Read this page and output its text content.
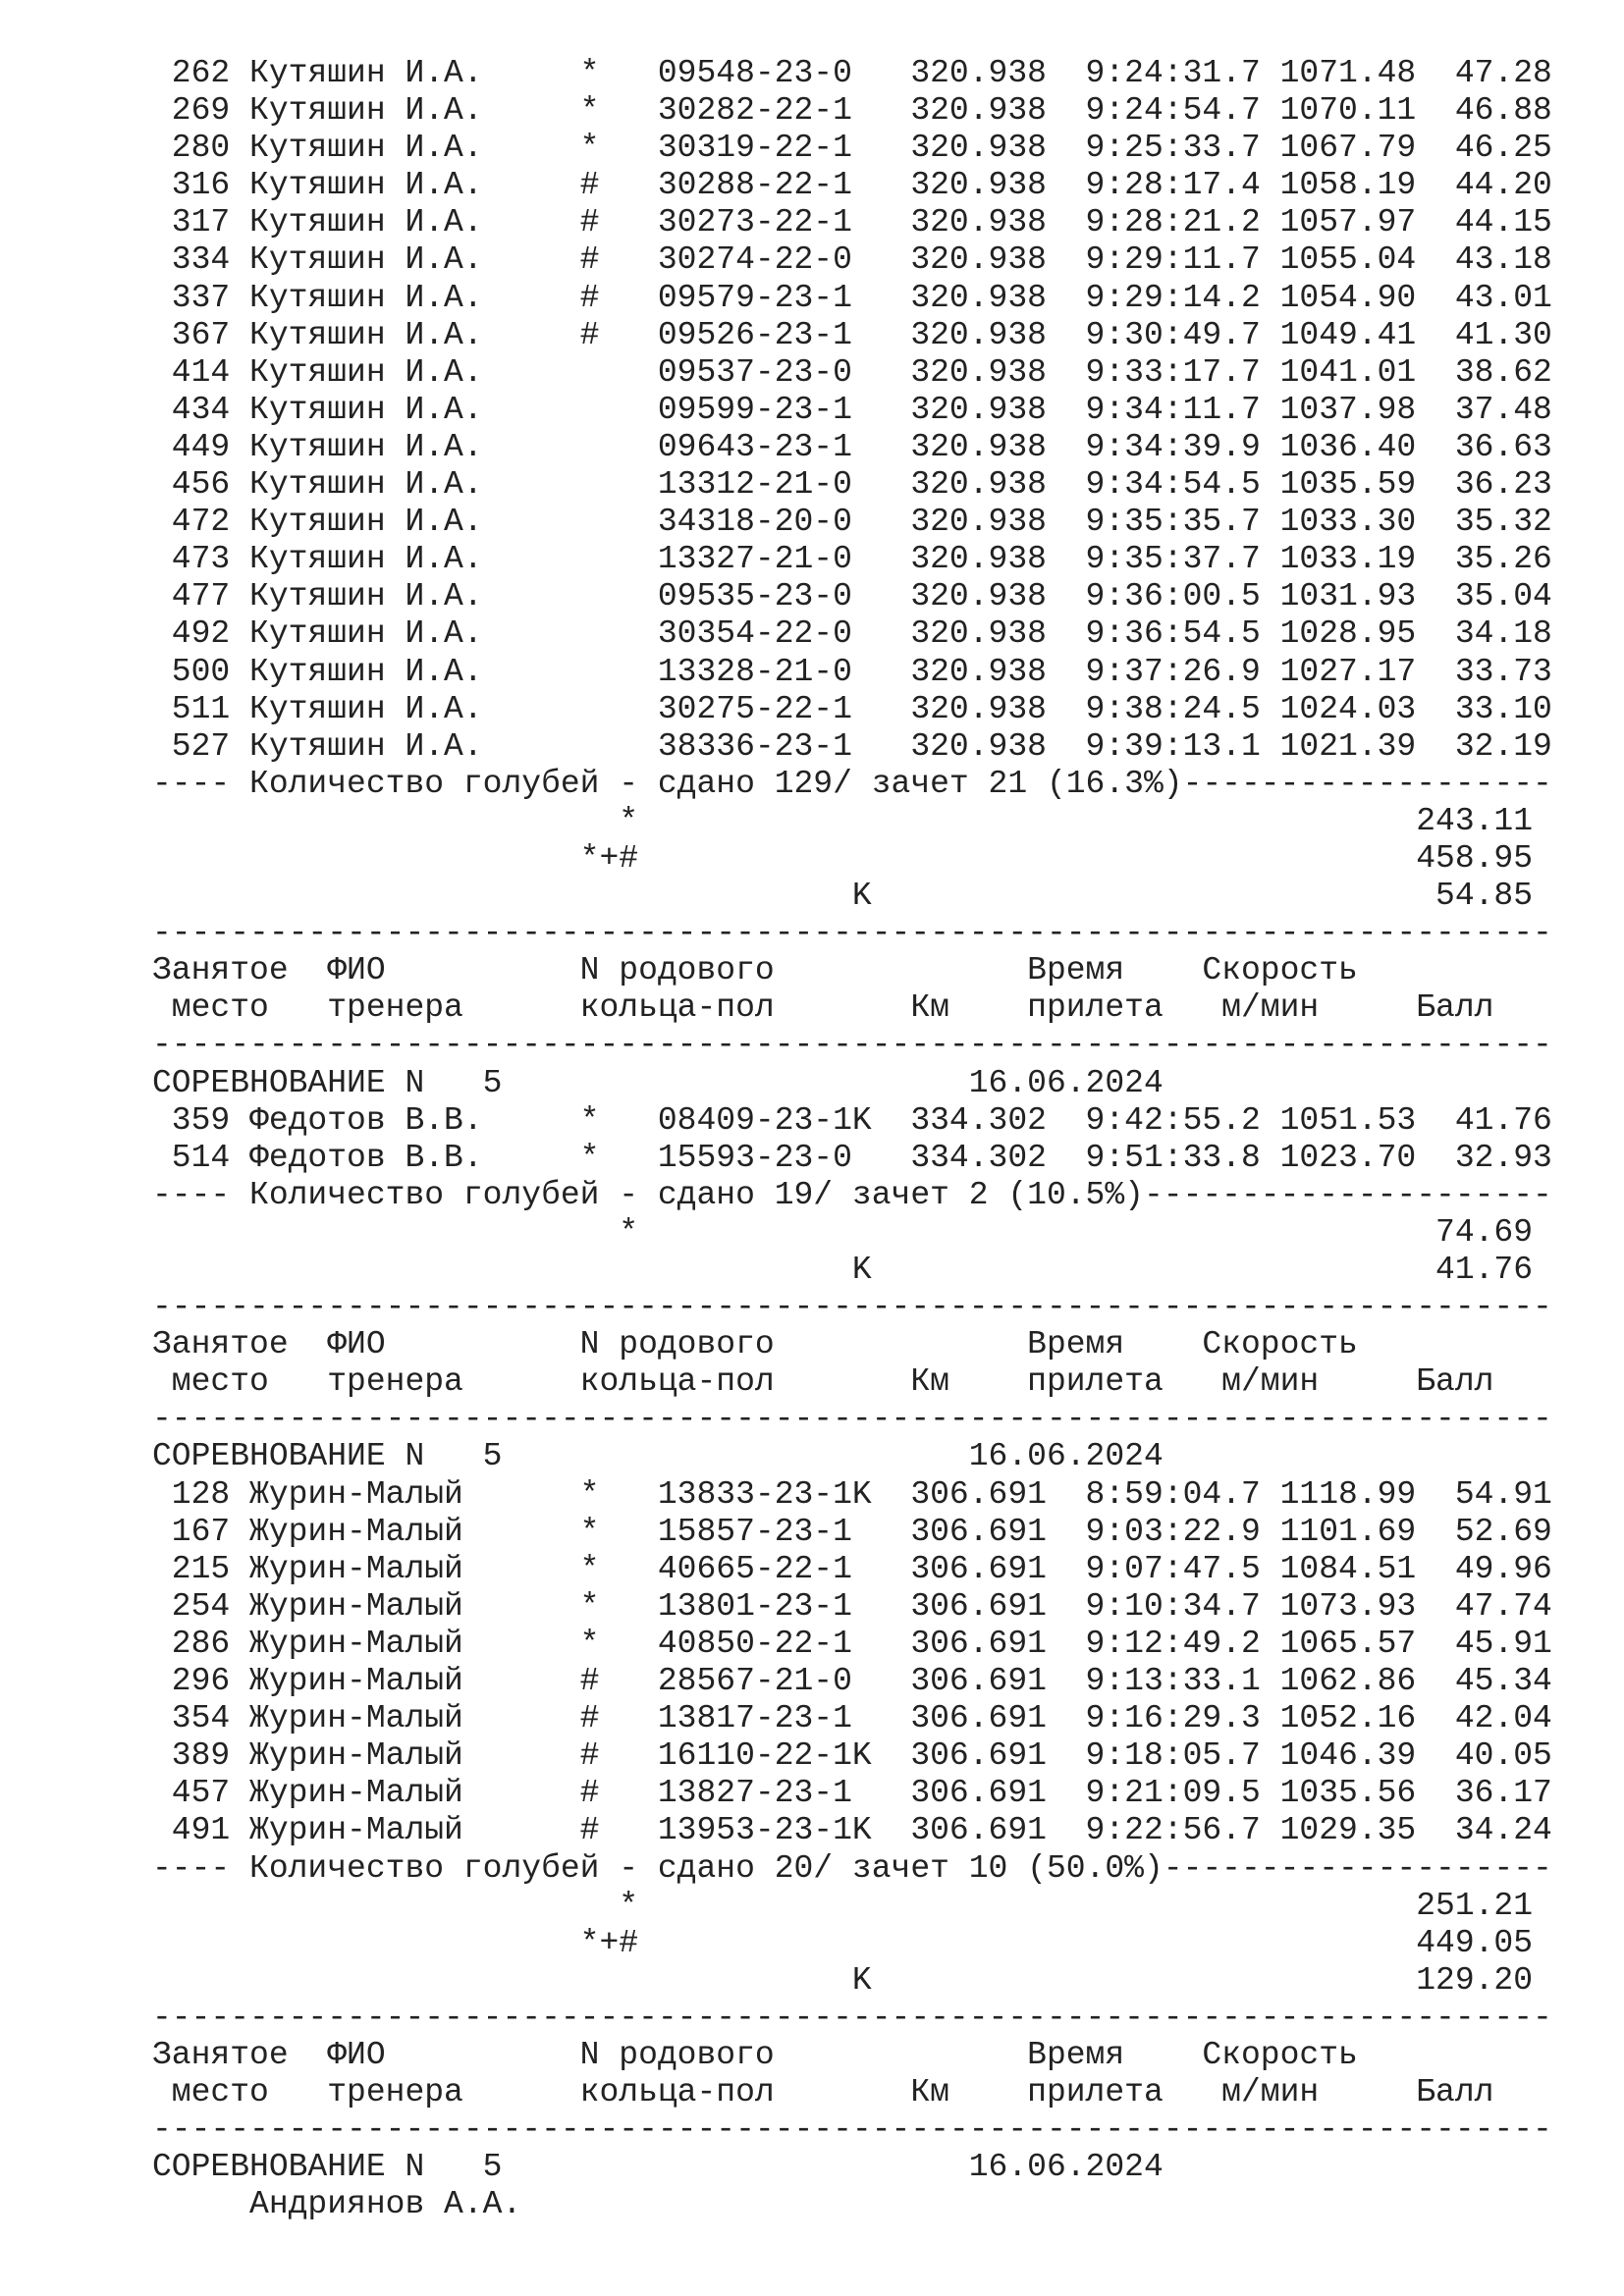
262 Кутяшин И.А.     *   09548-23-0   320.938  9:24:31.7 1071.48  47.28
269 Кутяшин И.А.     *   30282-22-1   320.938  9:24:54.7 1070.11  46.88
280 Кутяшин И.А.     *   30319-22-1   320.938  9:25:33.7 1067.79  46.25
316 Кутяшин И.А.     #   30288-22-1   320.938  9:28:17.4 1058.19  44.20
317 Кутяшин И.А.     #   30273-22-1   320.938  9:28:21.2 1057.97  44.15
334 Кутяшин И.А.     #   30274-22-0   320.938  9:29:11.7 1055.04  43.18
337 Кутяшин И.А.     #   09579-23-1   320.938  9:29:14.2 1054.90  43.01
367 Кутяшин И.А.     #   09526-23-1   320.938  9:30:49.7 1049.41  41.30
414 Кутяшин И.А.         09537-23-0   320.938  9:33:17.7 1041.01  38.62
434 Кутяшин И.А.         09599-23-1   320.938  9:34:11.7 1037.98  37.48
449 Кутяшин И.А.         09643-23-1   320.938  9:34:39.9 1036.40  36.63
456 Кутяшин И.А.         13312-21-0   320.938  9:34:54.5 1035.59  36.23
472 Кутяшин И.А.         34318-20-0   320.938  9:35:35.7 1033.30  35.32
473 Кутяшин И.А.         13327-21-0   320.938  9:35:37.7 1033.19  35.26
477 Кутяшин И.А.         09535-23-0   320.938  9:36:00.5 1031.93  35.04
492 Кутяшин И.А.         30354-22-0   320.938  9:36:54.5 1028.95  34.18
500 Кутяшин И.А.         13328-21-0   320.938  9:37:26.9 1027.17  33.73
511 Кутяшин И.А.         30275-22-1   320.938  9:38:24.5 1024.03  33.10
527 Кутяшин И.А.         38336-23-1   320.938  9:39:13.1 1021.39  32.19
---- Количество голубей - сдано 129/ зачет 21 (16.3%)-------------------
*                                        243.11
*+#                                        458.95
K                             54.85
------------------------------------------------------------------------
Занятое  ФИО          N родового             Время    Скорость
место   тренера      кольца-пол       Км    прилета   м/мин     Балл
------------------------------------------------------------------------
СОРЕВНОВАНИЕ N   5                        16.06.2024
359 Федотов В.В.     *   08409-23-1K  334.302  9:42:55.2 1051.53  41.76
514 Федотов В.В.     *   15593-23-0   334.302  9:51:33.8 1023.70  32.93
---- Количество голубей - сдано 19/ зачет 2 (10.5%)---------------------
*                                         74.69
K                             41.76
------------------------------------------------------------------------
Занятое  ФИО          N родового             Время    Скорость
место   тренера      кольца-пол       Км    прилета   м/мин     Балл
------------------------------------------------------------------------
СОРЕВНОВАНИЕ N   5                        16.06.2024
128 Журин-Малый      *   13833-23-1K  306.691  8:59:04.7 1118.99  54.91
167 Журин-Малый      *   15857-23-1   306.691  9:03:22.9 1101.69  52.69
215 Журин-Малый      *   40665-22-1   306.691  9:07:47.5 1084.51  49.96
254 Журин-Малый      *   13801-23-1   306.691  9:10:34.7 1073.93  47.74
286 Журин-Малый      *   40850-22-1   306.691  9:12:49.2 1065.57  45.91
296 Журин-Малый      #   28567-21-0   306.691  9:13:33.1 1062.86  45.34
354 Журин-Малый      #   13817-23-1   306.691  9:16:29.3 1052.16  42.04
389 Журин-Малый      #   16110-22-1K  306.691  9:18:05.7 1046.39  40.05
457 Журин-Малый      #   13827-23-1   306.691  9:21:09.5 1035.56  36.17
491 Журин-Малый      #   13953-23-1K  306.691  9:22:56.7 1029.35  34.24
---- Количество голубей - сдано 20/ зачет 10 (50.0%)--------------------
*                                        251.21
*+#                                        449.05
K                            129.20
------------------------------------------------------------------------
Занятое  ФИО          N родового             Время    Скорость
место   тренера      кольца-пол       Км    прилета   м/мин     Балл
------------------------------------------------------------------------
СОРЕВНОВАНИЕ N   5                        16.06.2024
Андриянов А.А.
